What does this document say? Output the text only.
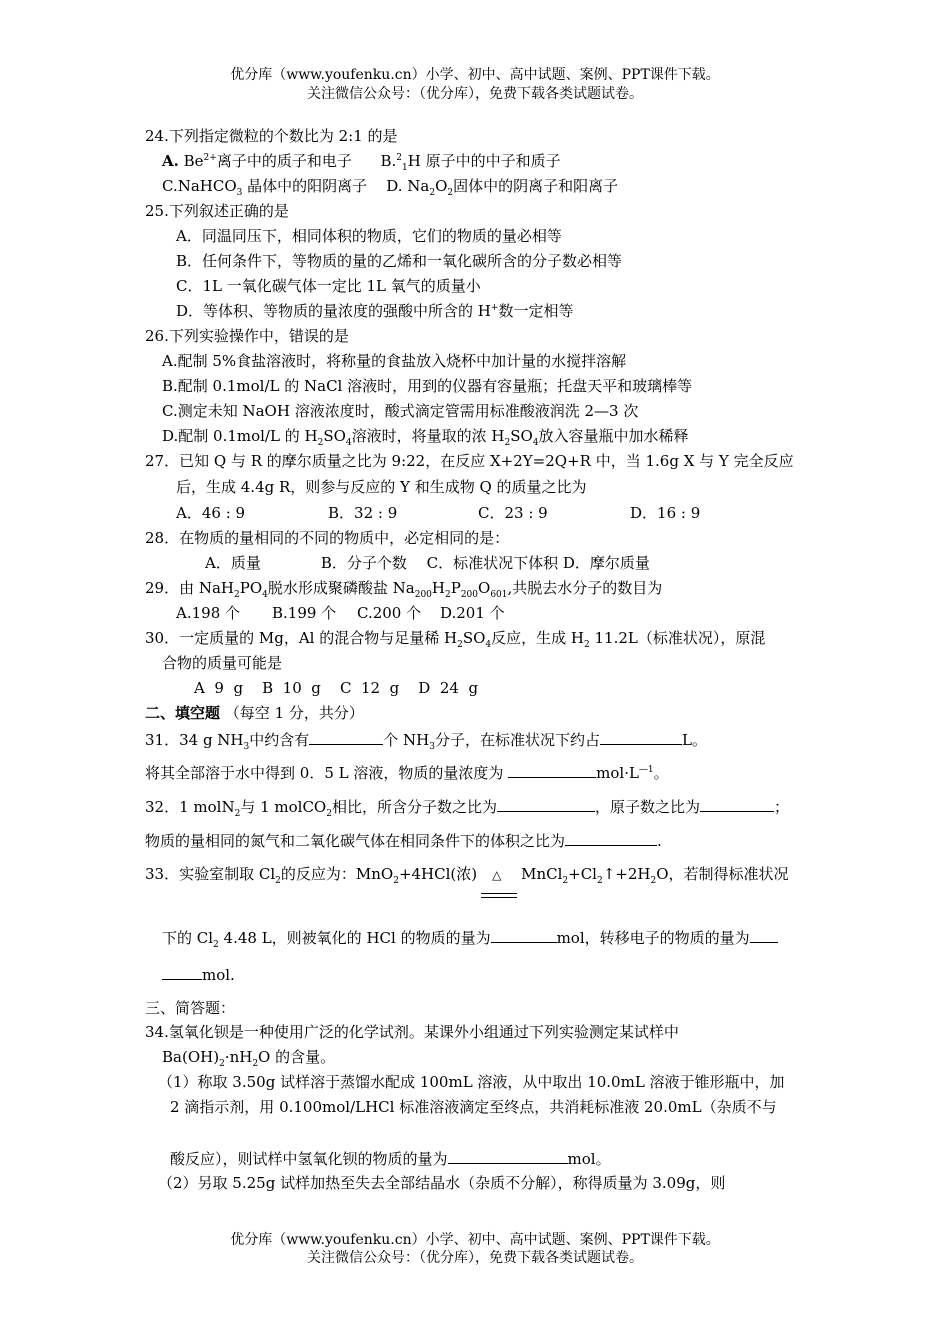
优分库（www.youfenku.cn）小学、初中、高中试题、案例、PPT课件下载。
关注微信公众号：（优分库），免费下载各类试题试卷。
24.下列指定微粒的个数比为 2:1 的是
A. $Be^{2+}$离子中的质子和电子      B.$^2_1$H 原子中的中子和质子
C.NaHCO$_3$ 晶体中的阳阴离子    D. $Na_2O_2$固体中的阴离子和阳离子
25.下列叙述正确的是
A．同温同压下，相同体积的物质，它们的物质的量必相等
B．任何条件下，等物质的量的乙烯和一氧化碳所含的分子数必相等
C．1L 一氧化碳气体一定比 1L 氧气的质量小
D．等体积、等物质的量浓度的强酸中所含的 H+数一定相等
26.下列实验操作中，错误的是
A.配制 5%食盐溶液时，将称量的食盐放入烧杯中加计量的水搅拌溶解
B.配制 0.1mol/L 的 NaCl 溶液时，用到的仪器有容量瓶；托盘天平和玻璃棒等
C.测定未知 NaOH 溶液浓度时，酸式滴定管需用标准酸液润洗 2—3 次
D.配制 0.1mol/L 的 $H_2SO_4$溶液时，将量取的浓 $H_2SO_4$放入容量瓶中加水稀释
27．已知 Q 与 R 的摩尔质量之比为 9:22，在反应 X+2Y=2Q+R 中，当 1.6g X 与 Y 完全反应
后，生成 4.4g R，则参与反应的 Y 和生成物 Q 的质量之比为
A．46 : 9	B．32 : 9	C．23 : 9	D．16 : 9
28．在物质的量相同的不同的物质中，必定相同的是：
A．质量　　　　B．分子个数　 C．标准状况下体积 D．摩尔质量
29．由 $NaH_2PO_4$脱水形成聚磷酸盐 $Na_{200}H_2P_{200}O_{601}$,共脱去水分子的数目为
A.198 个 B.199 个 C.200 个 D.201 个
30．一定质量的 Mg，Al 的混合物与足量稀 $H_2SO_4$反应，生成 $H_2$ 11.2L（标准状况），原混
合物的质量可能是
A  9  g    B  10  g    C  12  g    D  24  g
二、填空题 （每空 1 分，共分）
31．34 g $NH_3$中约含有	个 $NH_3$分子，在标准状况下约占	L。
将其全部溶于水中得到 0．5 L 溶液，物质的量浓度为	$mol\cdot L^{—1}$。
32．1 molN$_2$与 1 molCO$_2$相比，所含分子数之比为	，原子数之比为	；
物质的量相同的氮气和二氧化碳气体在相同条件下的体积之比为	.
33．实验室制取 $Cl_2$的反应为：MnO$_2$+4HCl(浓) △ $MnCl_2+Cl_2↑+2H_2O$，若制得标准状况
下的 $Cl_2$ 4.48 L，则被氧化的 HCl 的物质的量为	mol，转移电子的物质的量为
mol.
三、简答题：
34.氢氧化钡是一种使用广泛的化学试剂。某课外小组通过下列实验测定某试样中
$Ba(OH)_2\cdot nH_2O$ 的含量。
（1）称取 3.50g 试样溶于蒸馏水配成 100mL 溶液，从中取出 10.0mL 溶液于锥形瓶中，加
2 滴指示剂，用 0.100mol/LHCl 标准溶液滴定至终点，共消耗标准液 20.0mL（杂质不与
酸反应），则试样中氢氧化钡的物质的量为	mol。
（2）另取 5.25g 试样加热至失去全部结晶水（杂质不分解），称得质量为 3.09g，则
优分库（www.youfenku.cn）小学、初中、高中试题、案例、PPT课件下载。
关注微信公众号：（优分库），免费下载各类试题试卷。
